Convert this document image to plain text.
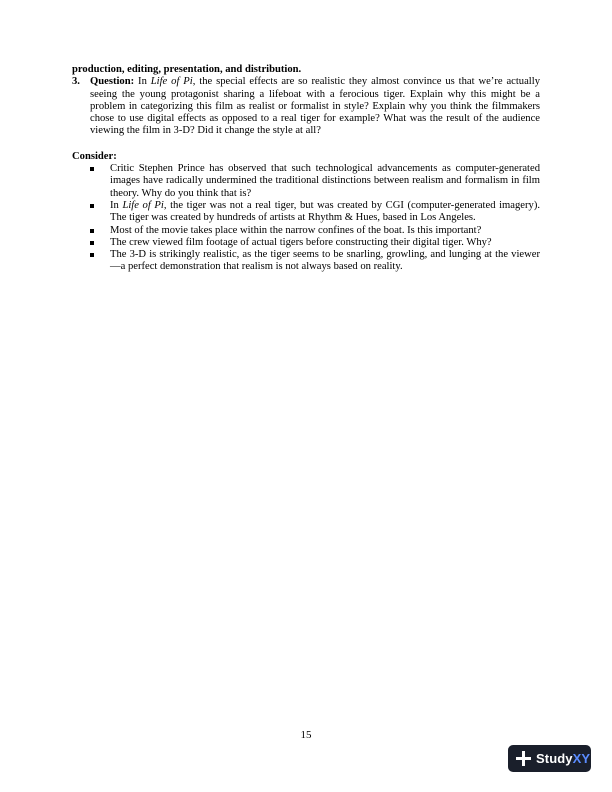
production, editing, presentation, and distribution.

3. Question: In Life of Pi, the special effects are so realistic they almost convince us that we’re actually seeing the young protagonist sharing a lifeboat with a ferocious tiger. Explain why this might be a problem in categorizing this film as realist or formalist in style? Explain why you think the filmmakers chose to use digital effects as opposed to a real tiger for example? What was the result of the audience viewing the film in 3-D? Did it change the style at all?

Consider:

Critic Stephen Prince has observed that such technological advancements as computer-generated images have radically undermined the traditional distinctions between realism and formalism in film theory. Why do you think that is?
In Life of Pi, the tiger was not a real tiger, but was created by CGI (computer-generated imagery). The tiger was created by hundreds of artists at Rhythm & Hues, based in Los Angeles.
Most of the movie takes place within the narrow confines of the boat. Is this important?
The crew viewed film footage of actual tigers before constructing their digital tiger. Why?
The 3-D is strikingly realistic, as the tiger seems to be snarling, growling, and lunging at the viewer—a perfect demonstration that realism is not always based on reality.
15
StudyXY
